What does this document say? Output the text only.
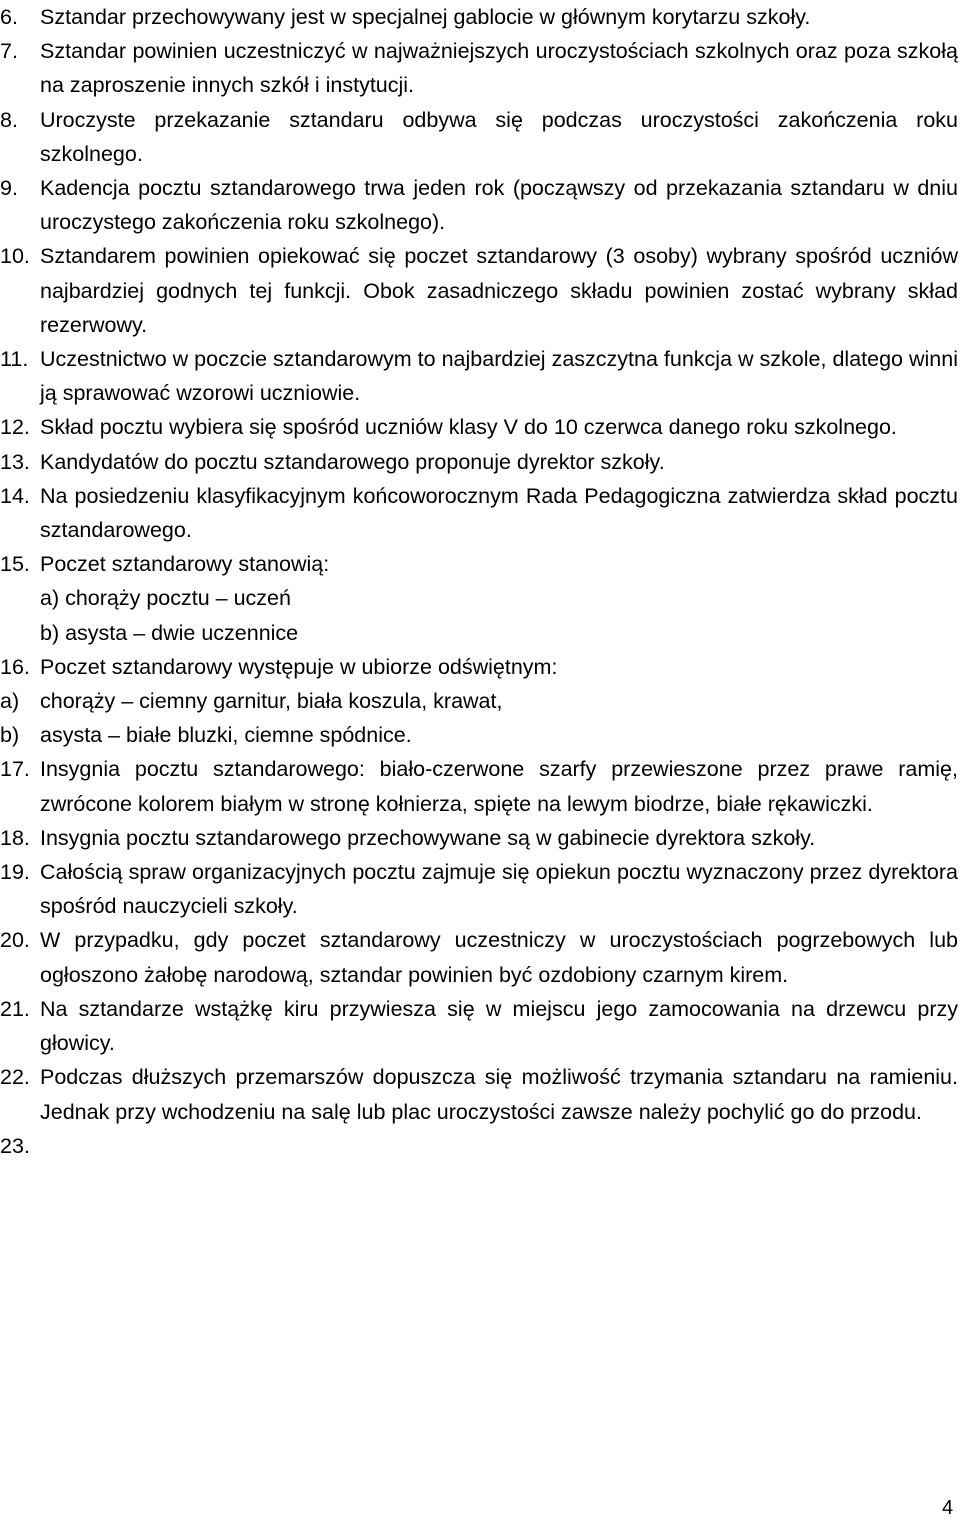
6. Sztandar przechowywany jest w specjalnej gablocie w głównym korytarzu szkoły.
7. Sztandar powinien uczestniczyć w najważniejszych uroczystościach szkolnych oraz poza szkołą na zaproszenie innych szkół i instytucji.
8. Uroczyste przekazanie sztandaru odbywa się podczas uroczystości zakończenia roku szkolnego.
9. Kadencja pocztu sztandarowego trwa jeden rok (począwszy od przekazania sztandaru w dniu uroczystego zakończenia roku szkolnego).
10. Sztandarem powinien opiekować się poczet sztandarowy (3 osoby) wybrany spośród uczniów najbardziej godnych tej funkcji. Obok zasadniczego składu powinien zostać wybrany skład rezerwowy.
11. Uczestnictwo w poczcie sztandarowym to najbardziej zaszczytna funkcja w szkole, dlatego winni ją sprawować wzorowi uczniowie.
12. Skład pocztu wybiera się spośród uczniów klasy V do 10 czerwca danego roku szkolnego.
13. Kandydatów do pocztu sztandarowego proponuje dyrektor szkoły.
14. Na posiedzeniu klasyfikacyjnym końcoworocznym Rada Pedagogiczna zatwierdza skład pocztu sztandarowego.
15. Poczet sztandarowy stanowią:
a) chorąży pocztu – uczeń
b) asysta – dwie uczennice
16. Poczet sztandarowy występuje w ubiorze odświętnym:
a) chorąży – ciemny garnitur, biała koszula, krawat,
b) asysta – białe bluzki, ciemne spódnice.
17. Insygnia pocztu sztandarowego: biało-czerwone szarfy przewieszone przez prawe ramię, zwrócone kolorem białym w stronę kołnierza, spięte na lewym biodrze, białe rękawiczki.
18. Insygnia pocztu sztandarowego przechowywane są w gabinecie dyrektora szkoły.
19. Całością spraw organizacyjnych pocztu zajmuje się opiekun pocztu wyznaczony przez dyrektora spośród nauczycieli szkoły.
20. W przypadku, gdy poczet sztandarowy uczestniczy w uroczystościach pogrzebowych lub ogłoszono żałobę narodową, sztandar powinien być ozdobiony czarnym kirem.
21. Na sztandarze wstążkę kiru przywiesza się w miejscu jego zamocowania na drzewcu przy głowicy.
22. Podczas dłuższych przemarszów dopuszcza się możliwość trzymania sztandaru na ramieniu. Jednak przy wchodzeniu na salę lub plac uroczystości zawsze należy pochylić go do przodu.
23.
4
